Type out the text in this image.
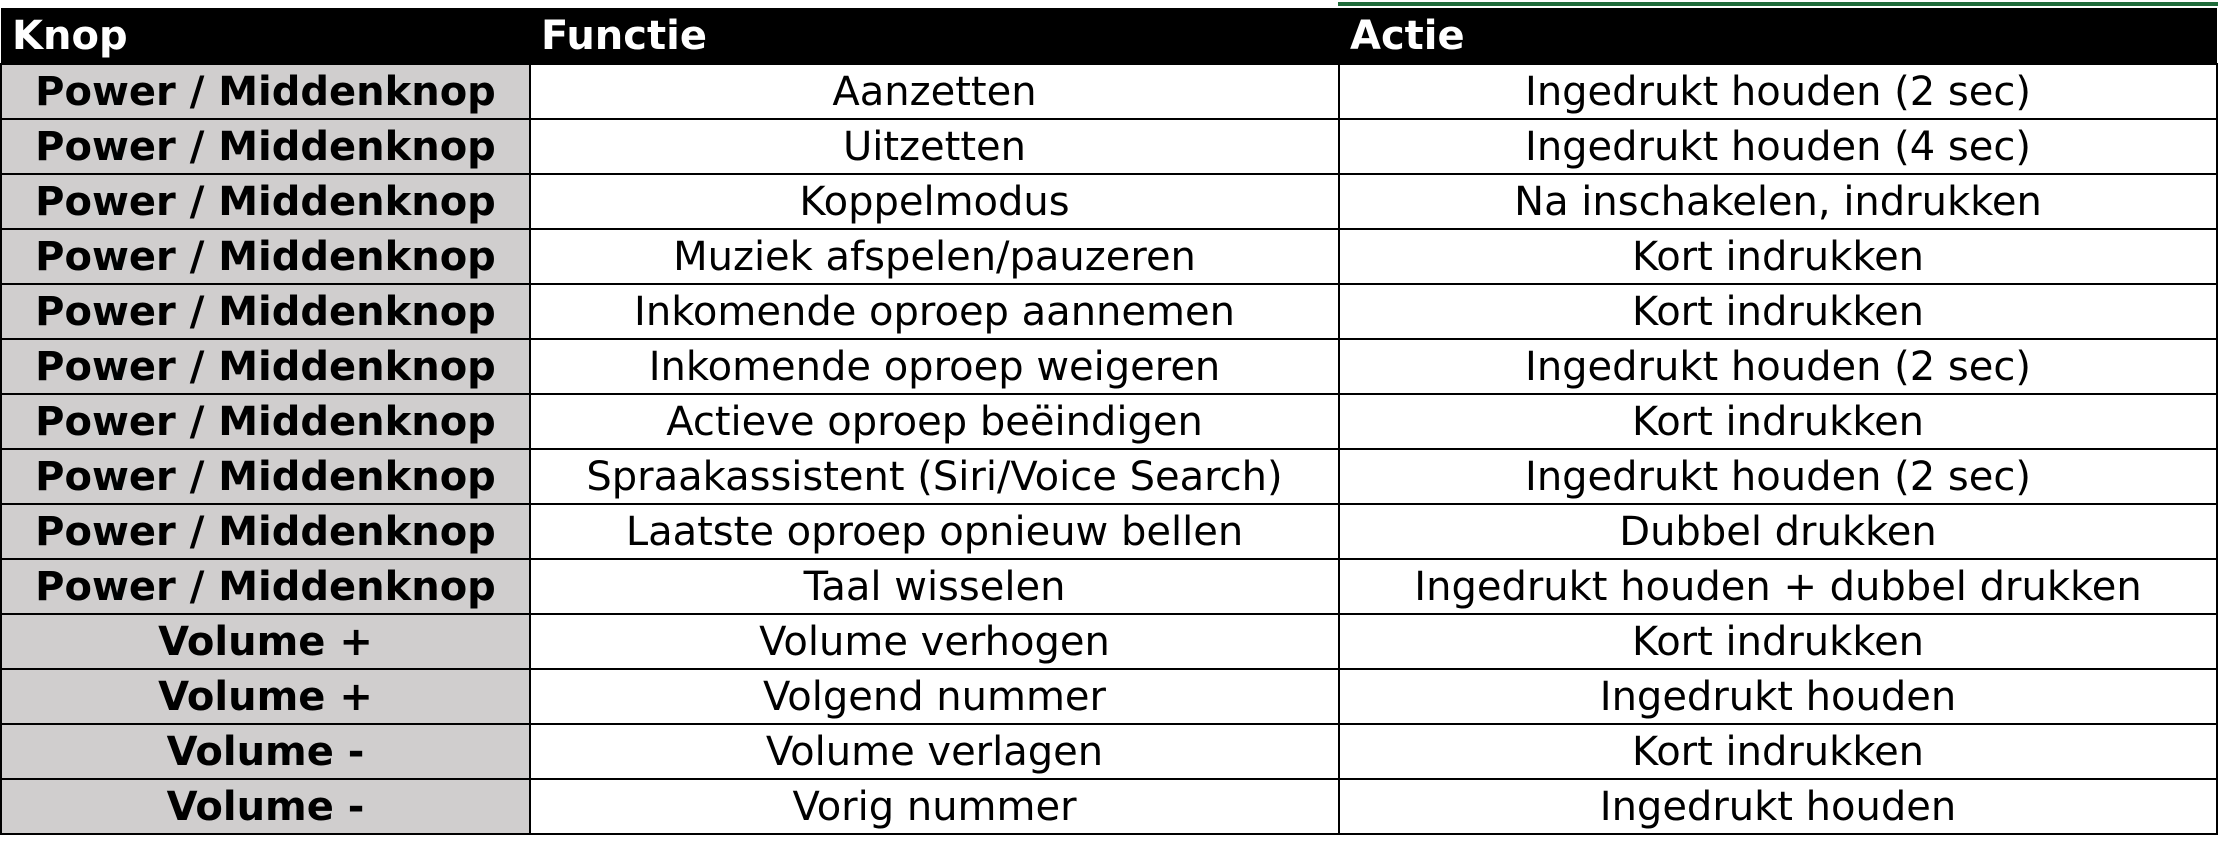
Knop	Functie	Actie
Power / Middenknop	Aanzetten	Ingedrukt houden (2 sec)
Power / Middenknop	Uitzetten	Ingedrukt houden (4 sec)
Power / Middenknop	Koppelmodus	Na inschakelen, indrukken
Power / Middenknop	Muziek afspelen/pauzeren	Kort indrukken
Power / Middenknop	Inkomende oproep aannemen	Kort indrukken
Power / Middenknop	Inkomende oproep weigeren	Ingedrukt houden (2 sec)
Power / Middenknop	Actieve oproep beëindigen	Kort indrukken
Power / Middenknop	Spraakassistent (Siri/Voice Search)	Ingedrukt houden (2 sec)
Power / Middenknop	Laatste oproep opnieuw bellen	Dubbel drukken
Power / Middenknop	Taal wisselen	Ingedrukt houden + dubbel drukken
Volume +	Volume verhogen	Kort indrukken
Volume +	Volgend nummer	Ingedrukt houden
Volume -	Volume verlagen	Kort indrukken
Volume -	Vorig nummer	Ingedrukt houden
